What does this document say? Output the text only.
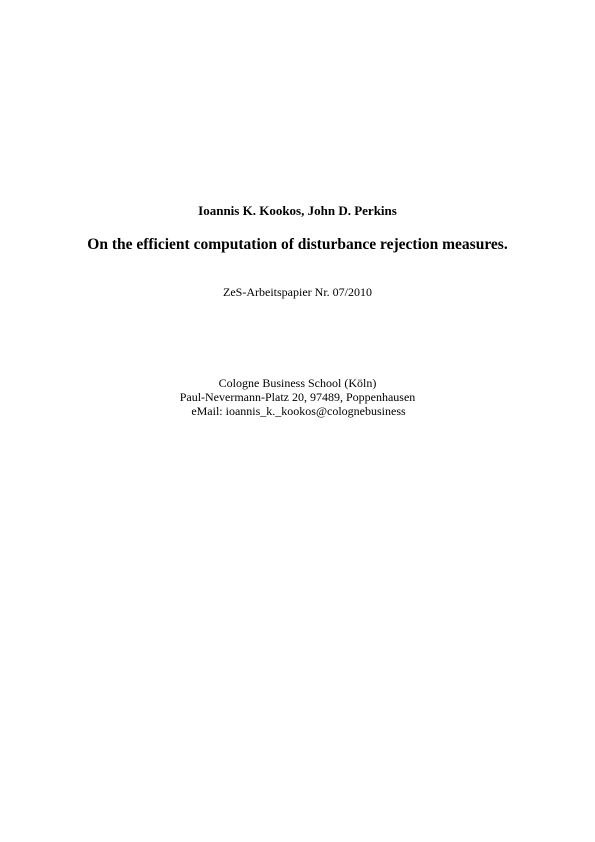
Ioannis K. Kookos, John D. Perkins
On the efficient computation of disturbance rejection measures.
ZeS-Arbeitspapier Nr. 07/2010
Cologne Business School (Köln)
Paul-Nevermann-Platz 20, 97489, Poppenhausen
eMail: ioannis_k._kookos@colognebusiness
